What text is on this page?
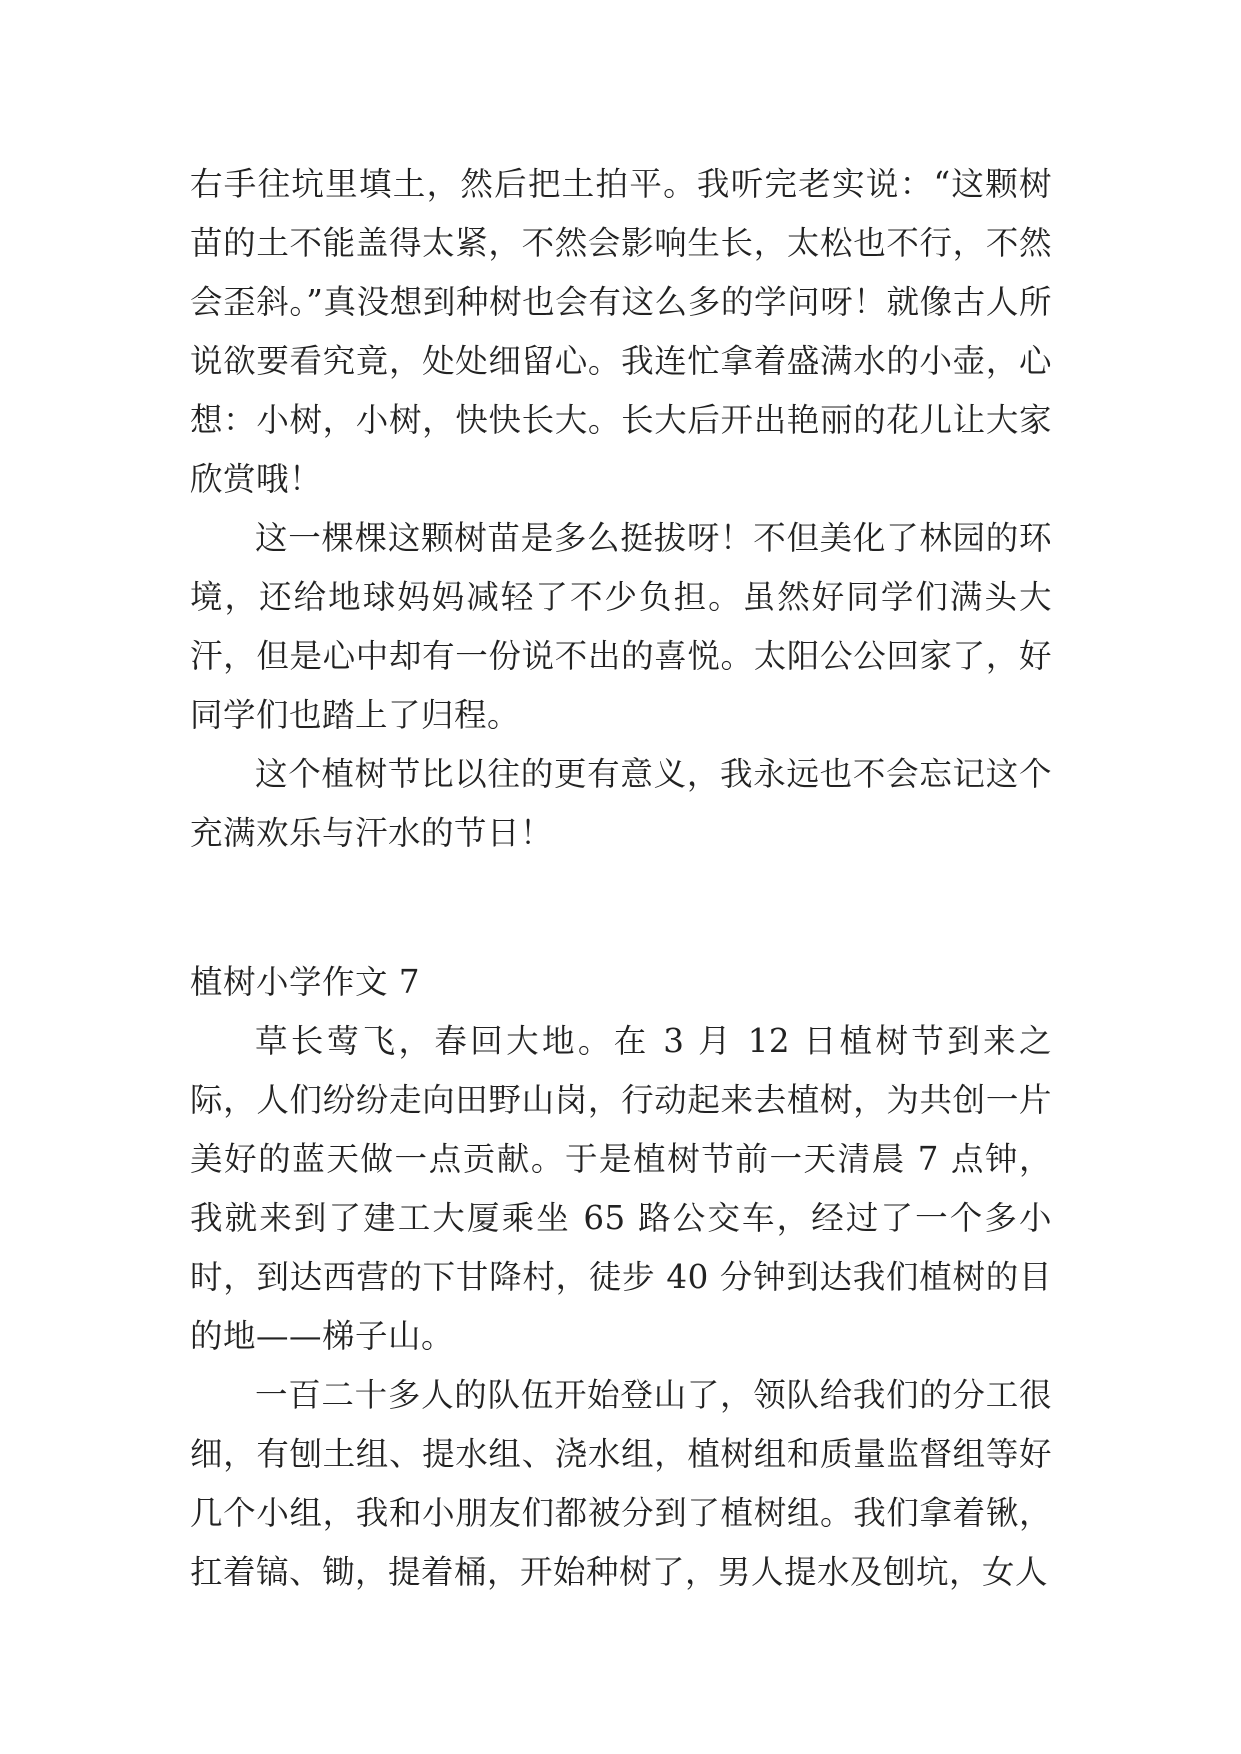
右手往坑里填土，然后把土拍平。我听完老实说：“这颗树苗的土不能盖得太紧，不然会影响生长，太松也不行，不然会歪斜。”真没想到种树也会有这么多的学问呀！就像古人所说欲要看究竟，处处细留心。我连忙拿着盛满水的小壶，心想：小树，小树，快快长大。长大后开出艳丽的花儿让大家欣赏哦！

这一棵棵这颗树苗是多么挺拔呀！不但美化了林园的环境，还给地球妈妈减轻了不少负担。虽然好同学们满头大汗，但是心中却有一份说不出的喜悦。太阳公公回家了，好同学们也踏上了归程。

这个植树节比以往的更有意义，我永远也不会忘记这个充满欢乐与汗水的节日！

植树小学作文 7

草长莺飞，春回大地。在 3 月 12 日植树节到来之际，人们纷纷走向田野山岗，行动起来去植树，为共创一片美好的蓝天做一点贡献。于是植树节前一天清晨 7 点钟，我就来到了建工大厦乘坐 65 路公交车，经过了一个多小时，到达西营的下甘降村，徒步 40 分钟到达我们植树的目的地——梯子山。

一百二十多人的队伍开始登山了，领队给我们的分工很细，有刨土组、提水组、浇水组，植树组和质量监督组等好几个小组，我和小朋友们都被分到了植树组。我们拿着锹，扛着镐、锄，提着桶，开始种树了，男人提水及刨坑，女人
